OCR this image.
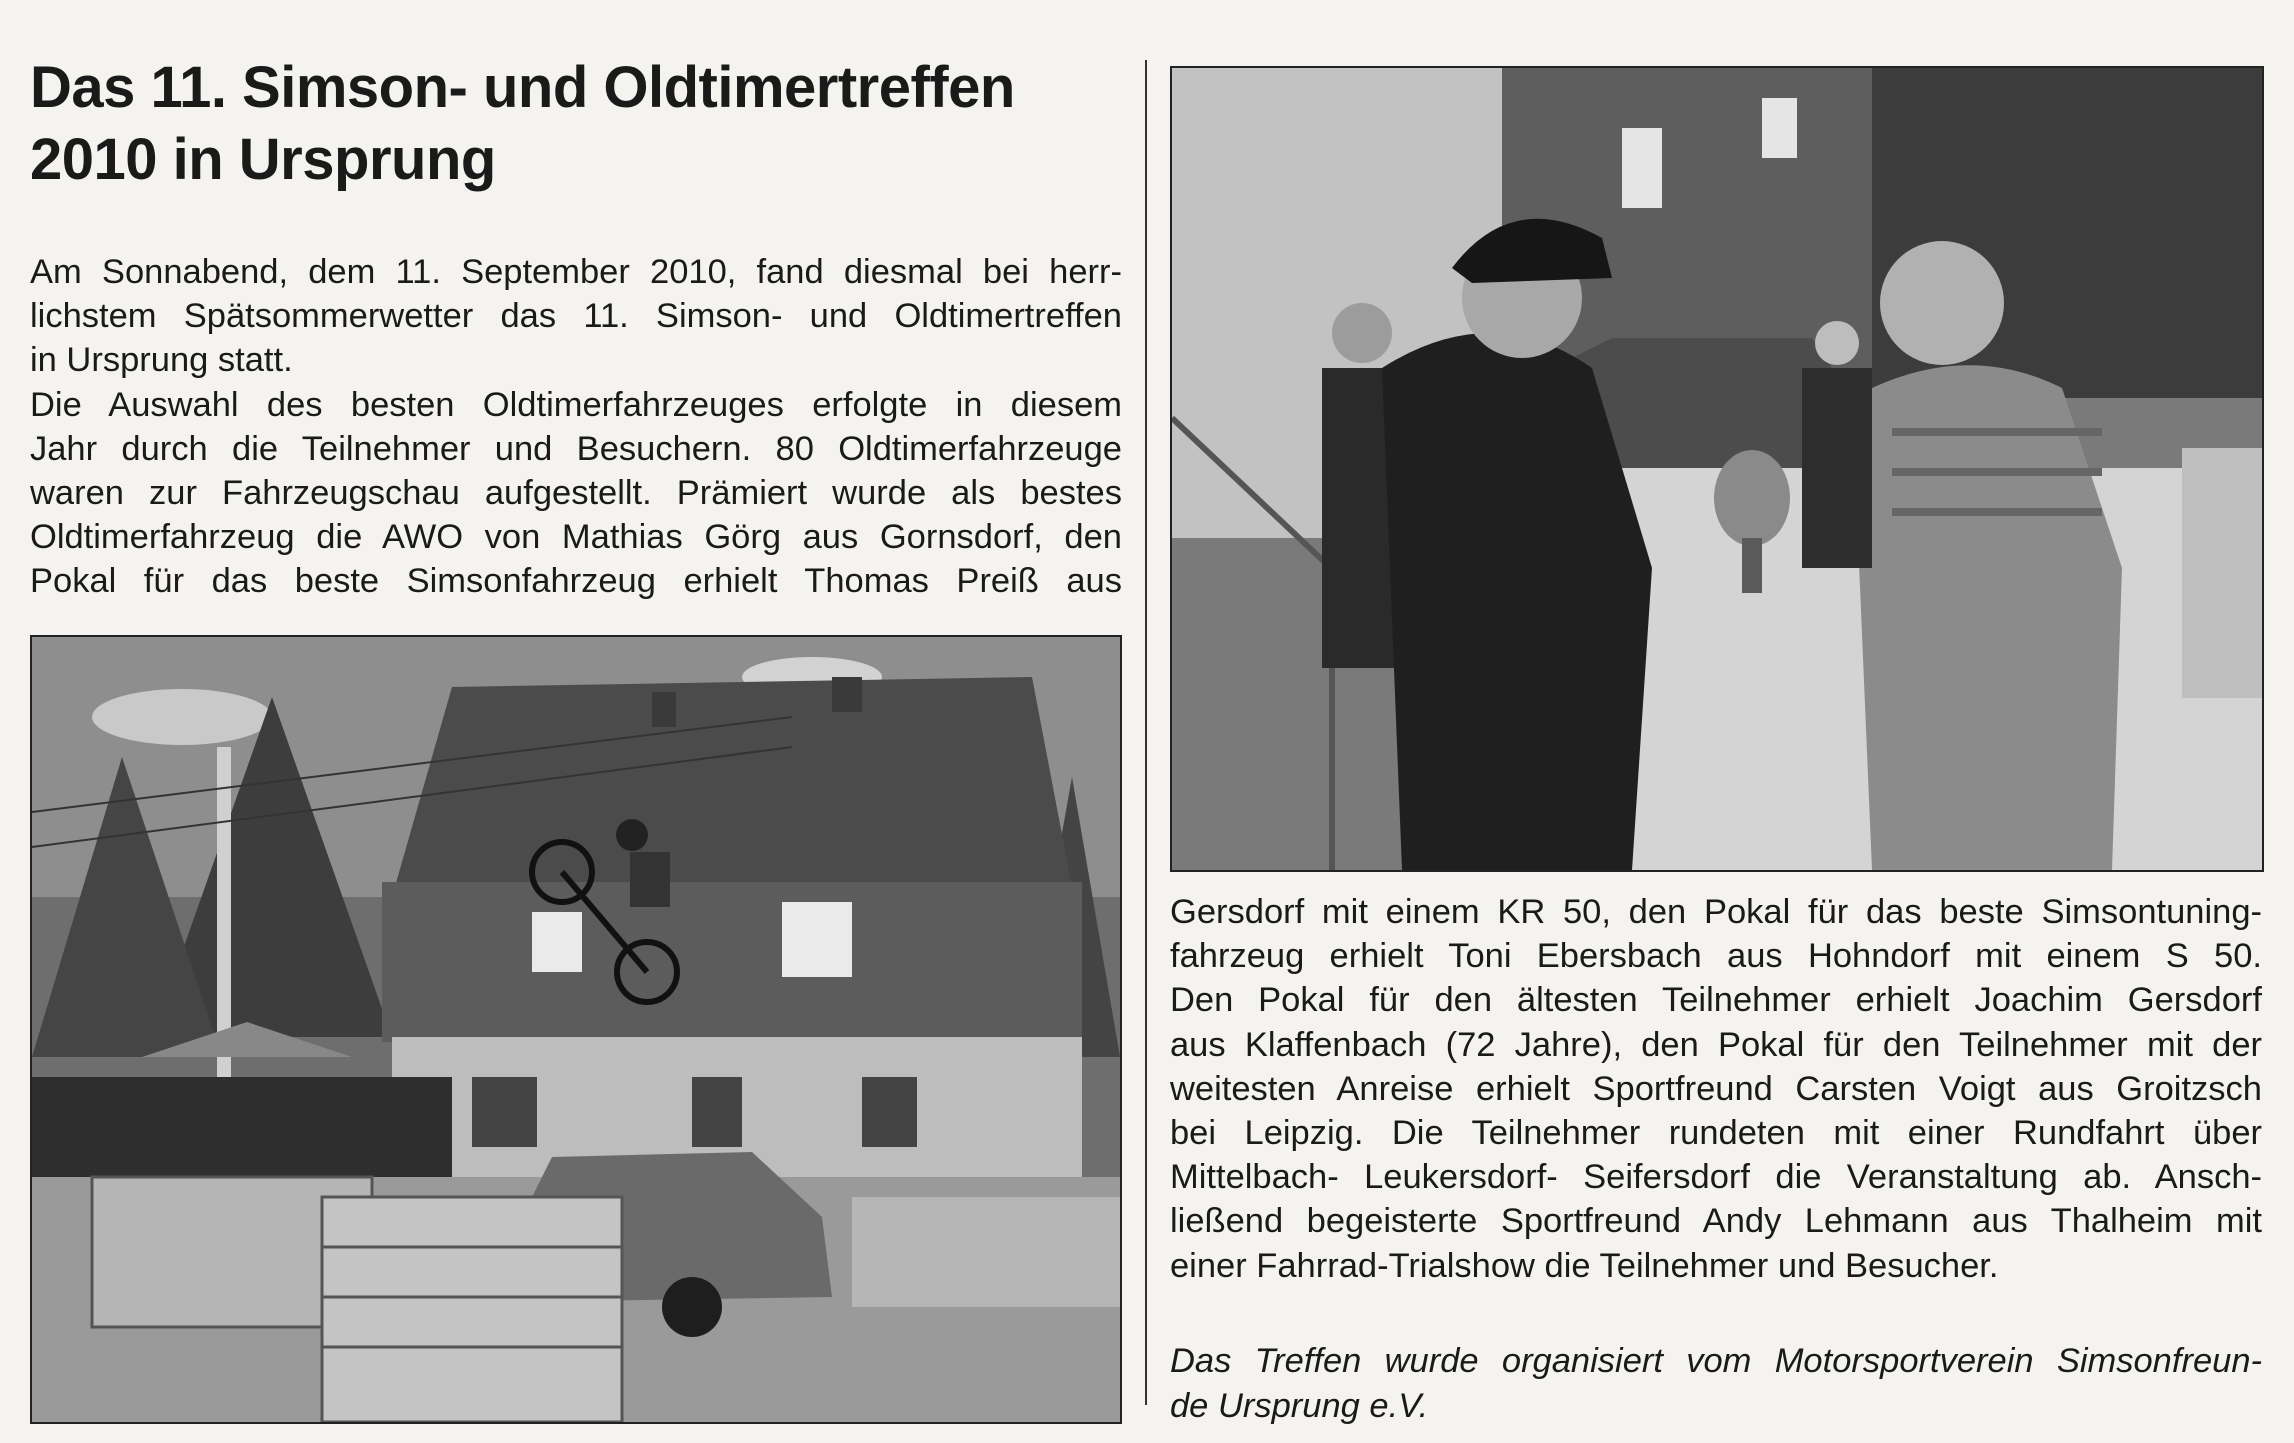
Das 11. Simson- und Oldtimertreffen
2010 in Ursprung

Am Sonnabend, dem 11. September 2010, fand diesmal bei herr-
lichstem Spätsommerwetter das 11. Simson- und Oldtimertreffen
in Ursprung statt.
Die Auswahl des besten Oldtimerfahrzeuges erfolgte in diesem
Jahr durch die Teilnehmer und Besuchern. 80 Oldtimerfahrzeuge
waren zur Fahrzeugschau aufgestellt. Prämiert wurde als bestes
Oldtimerfahrzeug die AWO von Mathias Görg aus Gornsdorf, den
Pokal für das beste Simsonfahrzeug erhielt Thomas Preiß aus

Gersdorf mit einem KR 50, den Pokal für das beste Simsontuning-
fahrzeug erhielt Toni Ebersbach aus Hohndorf mit einem S 50.
Den Pokal für den ältesten Teilnehmer erhielt Joachim Gersdorf
aus Klaffenbach (72 Jahre), den Pokal für den Teilnehmer mit der
weitesten Anreise erhielt Sportfreund Carsten Voigt aus Groitzsch
bei Leipzig. Die Teilnehmer rundeten mit einer Rundfahrt über
Mittelbach- Leukersdorf- Seifersdorf die Veranstaltung ab. Ansch-
ließend begeisterte Sportfreund Andy Lehmann aus Thalheim mit
einer Fahrrad-Trialshow die Teilnehmer und Besucher.

Das Treffen wurde organisiert vom Motorsportverein Simsonfreun-
de Ursprung e.V.
